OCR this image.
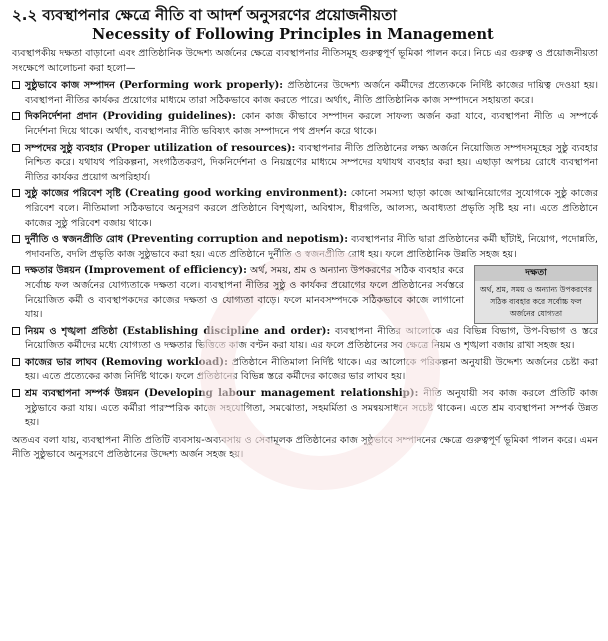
২.২ ব্যবস্থাপনার ক্ষেত্রে নীতি বা আদর্শ অনুসরণের প্রয়োজনীয়তা
Necessity of Following Principles in Management

ব্যবস্থাপকীয় দক্ষতা বাড়ানো এবং প্রাতিষ্ঠানিক উদ্দেশ্য অর্জনের ক্ষেত্রে ব্যবস্থাপনার নীতিসমূহ গুরুত্বপূর্ণ ভূমিকা পালন করে। নিচে এর গুরুত্ব ও প্রয়োজনীয়তা সংক্ষেপে আলোচনা করা হলো—

সুষ্ঠুভাবে কাজ সম্পাদন (Performing work properly): প্রতিষ্ঠানের উদ্দেশ্য অর্জনে কর্মীদের প্রত্যেককে নির্দিষ্ট কাজের দায়িত্ব দেওয়া হয়। ব্যবস্থাপনা নীতির কার্যকর প্রয়োগের মাধ্যমে তারা সঠিকভাবে কাজ করতে পারে। অর্থাৎ, নীতি প্রাতিষ্ঠানিক কাজ সম্পাদনে সহায়তা করে।
দিকনির্দেশনা প্রদান (Providing guidelines): কোন কাজ কীভাবে সম্পাদন করলে সাফল্য অর্জন করা যাবে, ব্যবস্থাপনা নীতি এ সম্পর্কে নির্দেশনা দিয়ে থাকে। অর্থাৎ, ব্যবস্থাপনার নীতি ভবিষ্যৎ কাজ সম্পাদনে পথ প্রদর্শন করে থাকে।
সম্পদের সুষ্ঠু ব্যবহার (Proper utilization of resources): ব্যবস্থাপনার নীতি প্রতিষ্ঠানের লক্ষ্য অর্জনে নিয়োজিত সম্পদসমূহের সুষ্ঠু ব্যবহার নিশ্চিত করে। যথাযথ পরিকল্পনা, সংগঠিতকরণ, দিকনির্দেশনা ও নিয়ন্ত্রণের মাধ্যমে সম্পদের যথাযথ ব্যবহার করা হয়। এছাড়া অপচয় রোধে ব্যবস্থাপনা নীতির কার্যকর প্রয়োগ অপরিহার্য।
সুষ্ঠু কাজের পরিবেশ সৃষ্টি (Creating good working environment): কোনো সমস্যা ছাড়া কাজে আত্মনিয়োগের সুযোগকে সুষ্ঠু কাজের পরিবেশ বলে। নীতিমালা সঠিকভাবে অনুসরণ করলে প্রতিষ্ঠানে বিশৃঙ্খলা, অবিশ্বাস, ধীরগতি, আলস্য, অবাধ্যতা প্রভৃতি সৃষ্টি হয় না। এতে প্রতিষ্ঠানে কাজের সুষ্ঠু পরিবেশ বজায় থাকে।
দুর্নীতি ও স্বজনপ্রীতি রোধ (Preventing corruption and nepotism): ব্যবস্থাপনার নীতি দ্বারা প্রতিষ্ঠানের কর্মী ছাঁটাই, নিয়োগ, পদোন্নতি, পদাবনতি, বদলি প্রভৃতি কাজ সুষ্ঠুভাবে করা হয়। এতে প্রতিষ্ঠানে দুর্নীতি ও স্বজনপ্রীতি রোধ হয়। ফলে প্রাতিষ্ঠানিক উন্নতি সহজ হয়।
দক্ষতা
অর্থ, শ্রম, সময় ও অন্যান্য উপকরণের সঠিক ব্যবহার করে সর্বোচ্চ ফল অর্জনের যোগ্যতা
দক্ষতার উন্নয়ন (Improvement of efficiency): অর্থ, সময়, শ্রম ও অন্যান্য উপকরণের সঠিক ব্যবহার করে সর্বোচ্চ ফল অর্জনের যোগ্যতাকে দক্ষতা বলে। ব্যবস্থাপনা নীতির সুষ্ঠু ও কার্যকর প্রয়োগের ফলে প্রতিষ্ঠানের সর্বস্তরে নিয়োজিত কর্মী ও ব্যবস্থাপকদের কাজের দক্ষতা ও যোগ্যতা বাড়ে। ফলে মানবসম্পদকে সঠিকভাবে কাজে লাগানো যায়।
নিয়ম ও শৃঙ্খলা প্রতিষ্ঠা (Establishing discipline and order): ব্যবস্থাপনা নীতির আলোকে এর বিভিন্ন বিভাগ, উপ-বিভাগ ও স্তরে নিয়োজিত কর্মীদের মধ্যে যোগ্যতা ও দক্ষতার ভিত্তিতে কাজ বণ্টন করা যায়। এর ফলে প্রতিষ্ঠানের সব ক্ষেত্রে নিয়ম ও শৃঙ্খলা বজায় রাখা সহজ হয়।
কাজের ভার লাঘব (Removing workload): প্রতিষ্ঠানে নীতিমালা নির্দিষ্ট থাকে। এর আলোকে পরিকল্পনা অনুযায়ী উদ্দেশ্য অর্জনের চেষ্টা করা হয়। এতে প্রত্যেকের কাজ নির্দিষ্ট থাকে। ফলে প্রতিষ্ঠানের বিভিন্ন স্তরে কর্মীদের কাজের ভার লাঘব হয়।
শ্রম ব্যবস্থাপনা সম্পর্ক উন্নয়ন (Developing labour management relationship): নীতি অনুযায়ী সব কাজ করলে প্রতিটি কাজ সুষ্ঠুভাবে করা যায়। এতে কর্মীরা পারস্পরিক কাজে সহযোগিতা, সমঝোতা, সহমর্মিতা ও সমন্বয়সাধনে সচেষ্ট থাকেন। এতে শ্রম ব্যবস্থাপনা সম্পর্ক উন্নত হয়।

অতএব বলা যায়, ব্যবস্থাপনা নীতি প্রতিটি ব্যবসায়-অব্যবসায় ও সেবামূলক প্রতিষ্ঠানের কাজ সুষ্ঠুভাবে সম্পাদনের ক্ষেত্রে গুরুত্বপূর্ণ ভূমিকা পালন করে। এমন নীতি সুষ্ঠুভাবে অনুসরণে প্রতিষ্ঠানের উদ্দেশ্য অর্জন সহজ হয়।
